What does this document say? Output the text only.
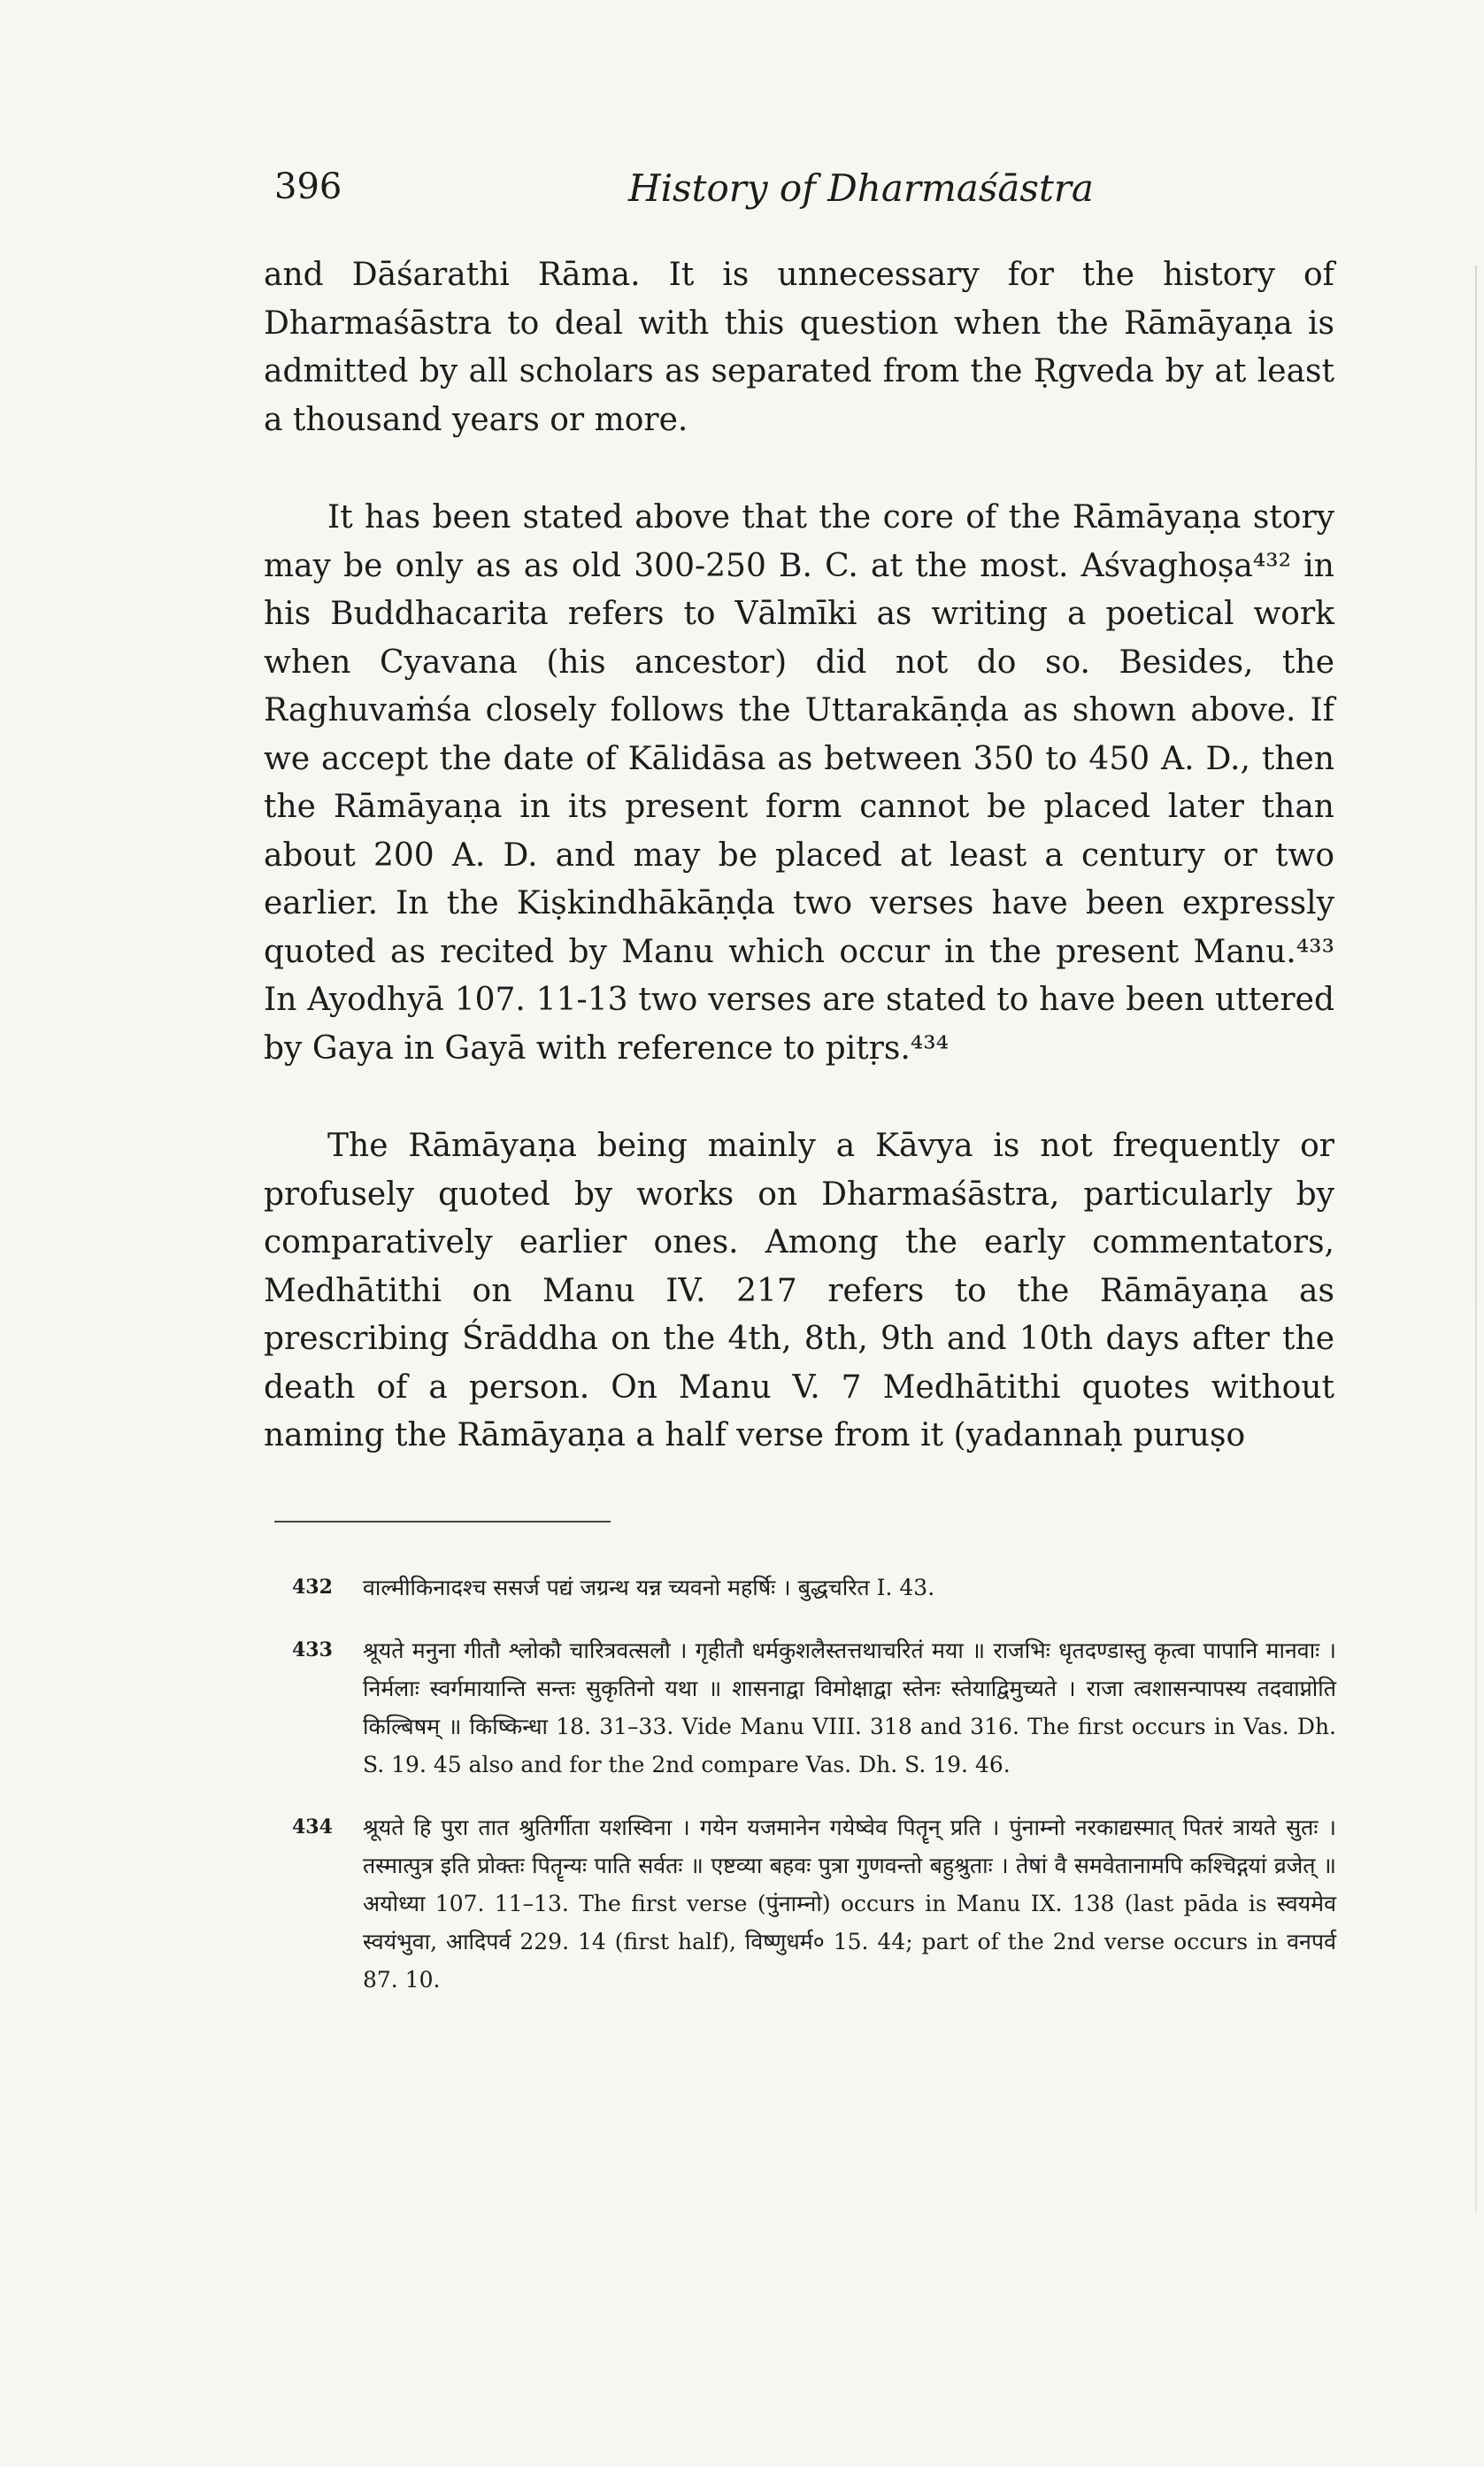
396	History of Dharmaśāstra

and Dāśarathi Rāma. It is unnecessary for the history of Dharmaśāstra to deal with this question when the Rāmāyaṇa is admitted by all scholars as separated from the Ṛgveda by at least a thousand years or more.

It has been stated above that the core of the Rāmāyaṇa story may be only as as old 300-250 B. C. at the most. Aśvaghoṣa⁴³² in his Buddhacarita refers to Vālmīki as writing a poetical work when Cyavana (his ancestor) did not do so. Besides, the Raghuvaṁśa closely follows the Uttarakāṇḍa as shown above. If we accept the date of Kālidāsa as between 350 to 450 A. D., then the Rāmāyaṇa in its present form cannot be placed later than about 200 A. D. and may be placed at least a century or two earlier. In the Kiṣkindhākāṇḍa two verses have been expressly quoted as recited by Manu which occur in the present Manu.⁴³³ In Ayodhyā 107. 11-13 two verses are stated to have been uttered by Gaya in Gayā with reference to pitṛs.⁴³⁴

The Rāmāyaṇa being mainly a Kāvya is not frequently or profusely quoted by works on Dharmaśāstra, particularly by comparatively earlier ones. Among the early commentators, Medhātithi on Manu IV. 217 refers to the Rāmāyaṇa as prescribing Śrāddha on the 4th, 8th, 9th and 10th days after the death of a person. On Manu V. 7 Medhātithi quotes without naming the Rāmāyaṇa a half verse from it (yadannaḥ puruṣo

432 वाल्मीकिनादश्च ससर्ज पद्यं जग्रन्थ यन्न च्यवनो महर्षिः । बुद्धचरित I. 43.
433 श्रूयते मनुना गीतौ श्लोकौ चारित्रवत्सलौ । गृहीतौ धर्मकुशलैस्तत्तथाचरितं मया ॥ राजभिः धृतदण्डास्तु कृत्वा पापानि मानवाः । निर्मलाः स्वर्गमायान्ति सन्तः सुकृतिनो यथा ॥ शासनाद्वा विमोक्षाद्वा स्तेनः स्तेयाद्विमुच्यते । राजा त्वशासन्पापस्य तदवाप्नोति किल्बिषम् ॥ किष्किन्धा 18. 31–33. Vide Manu VIII. 318 and 316. The first occurs in Vas. Dh. S. 19. 45 also and for the 2nd compare Vas. Dh. S. 19. 46.
434 श्रूयते हि पुरा तात श्रुतिर्गीता यशस्विना । गयेन यजमानेन गयेष्वेव पितॄन् प्रति । पुंनाम्नो नरकाद्यस्मात् पितरं त्रायते सुतः । तस्मात्पुत्र इति प्रोक्तः पितॄन्यः पाति सर्वतः ॥ एष्टव्या बहवः पुत्रा गुणवन्तो बहुश्रुताः । तेषां वै समवेतानामपि कश्चिद्गयां व्रजेत् ॥ अयोध्या 107. 11–13. The first verse (पुंनाम्नो) occurs in Manu IX. 138 (last pāda is स्वयमेव स्वयंभुवा, आदिपर्व 229. 14 (first half), विष्णुधर्म० 15. 44; part of the 2nd verse occurs in वनपर्व 87. 10.
